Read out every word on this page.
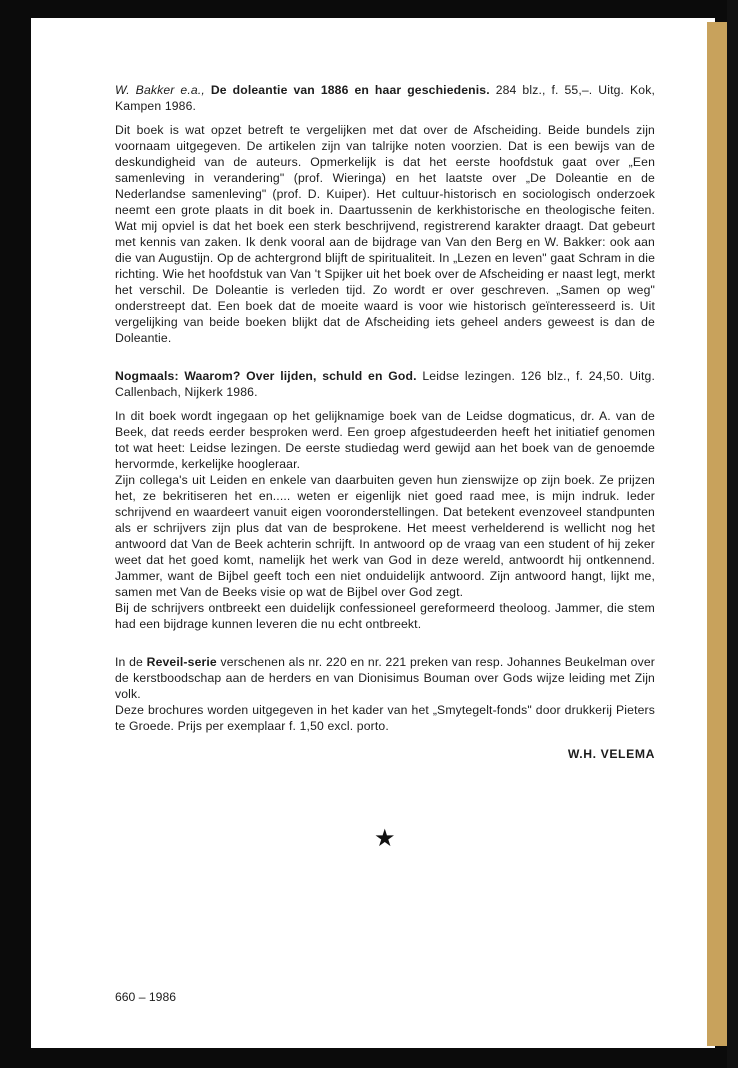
W. Bakker e.a., De doleantie van 1886 en haar geschiedenis. 284 blz., f. 55,–. Uitg. Kok, Kampen 1986.

Dit boek is wat opzet betreft te vergelijken met dat over de Afscheiding. Beide bundels zijn voornaam uitgegeven. De artikelen zijn van talrijke noten voorzien. Dat is een bewijs van de deskundigheid van de auteurs. Opmerkelijk is dat het eerste hoofdstuk gaat over „Een samenleving in verandering" (prof. Wieringa) en het laatste over „De Doleantie en de Nederlandse samenleving" (prof. D. Kuiper). Het cultuur-historisch en sociologisch onderzoek neemt een grote plaats in dit boek in. Daartussenin de kerkhistorische en theologische feiten. Wat mij opviel is dat het boek een sterk beschrijvend, registrerend karakter draagt. Dat gebeurt met kennis van zaken. Ik denk vooral aan de bijdrage van Van den Berg en W. Bakker: ook aan die van Augustijn. Op de achtergrond blijft de spiritualiteit. In „Lezen en leven" gaat Schram in die richting. Wie het hoofdstuk van Van 't Spijker uit het boek over de Afscheiding er naast legt, merkt het verschil. De Doleantie is verleden tijd. Zo wordt er over geschreven. „Samen op weg" onderstreept dat. Een boek dat de moeite waard is voor wie historisch geïnteresseerd is. Uit vergelijking van beide boeken blijkt dat de Afscheiding iets geheel anders geweest is dan de Doleantie.

Nogmaals: Waarom? Over lijden, schuld en God. Leidse lezingen. 126 blz., f. 24,50. Uitg. Callenbach, Nijkerk 1986.

In dit boek wordt ingegaan op het gelijknamige boek van de Leidse dogmaticus, dr. A. van de Beek, dat reeds eerder besproken werd. Een groep afgestudeerden heeft het initiatief genomen tot wat heet: Leidse lezingen. De eerste studiedag werd gewijd aan het boek van de genoemde hervormde, kerkelijke hoogleraar.

Zijn collega's uit Leiden en enkele van daarbuiten geven hun zienswijze op zijn boek. Ze prijzen het, ze bekritiseren het en..... weten er eigenlijk niet goed raad mee, is mijn indruk. Ieder schrijvend en waardeert vanuit eigen vooronderstellingen. Dat betekent evenzoveel standpunten als er schrijvers zijn plus dat van de besprokene. Het meest verhelderend is wellicht nog het antwoord dat Van de Beek achterin schrijft. In antwoord op de vraag van een student of hij zeker weet dat het goed komt, namelijk het werk van God in deze wereld, antwoordt hij ontkennend. Jammer, want de Bijbel geeft toch een niet onduidelijk antwoord. Zijn antwoord hangt, lijkt me, samen met Van de Beeks visie op wat de Bijbel over God zegt.

Bij de schrijvers ontbreekt een duidelijk confessioneel gereformeerd theoloog. Jammer, die stem had een bijdrage kunnen leveren die nu echt ontbreekt.

In de Reveil-serie verschenen als nr. 220 en nr. 221 preken van resp. Johannes Beukelman over de kerstboodschap aan de herders en van Dionisimus Bouman over Gods wijze leiding met Zijn volk.

Deze brochures worden uitgegeven in het kader van het „Smytegelt-fonds" door drukkerij Pieters te Groede. Prijs per exemplaar f. 1,50 excl. porto.

W.H. VELEMA
★
660 – 1986
